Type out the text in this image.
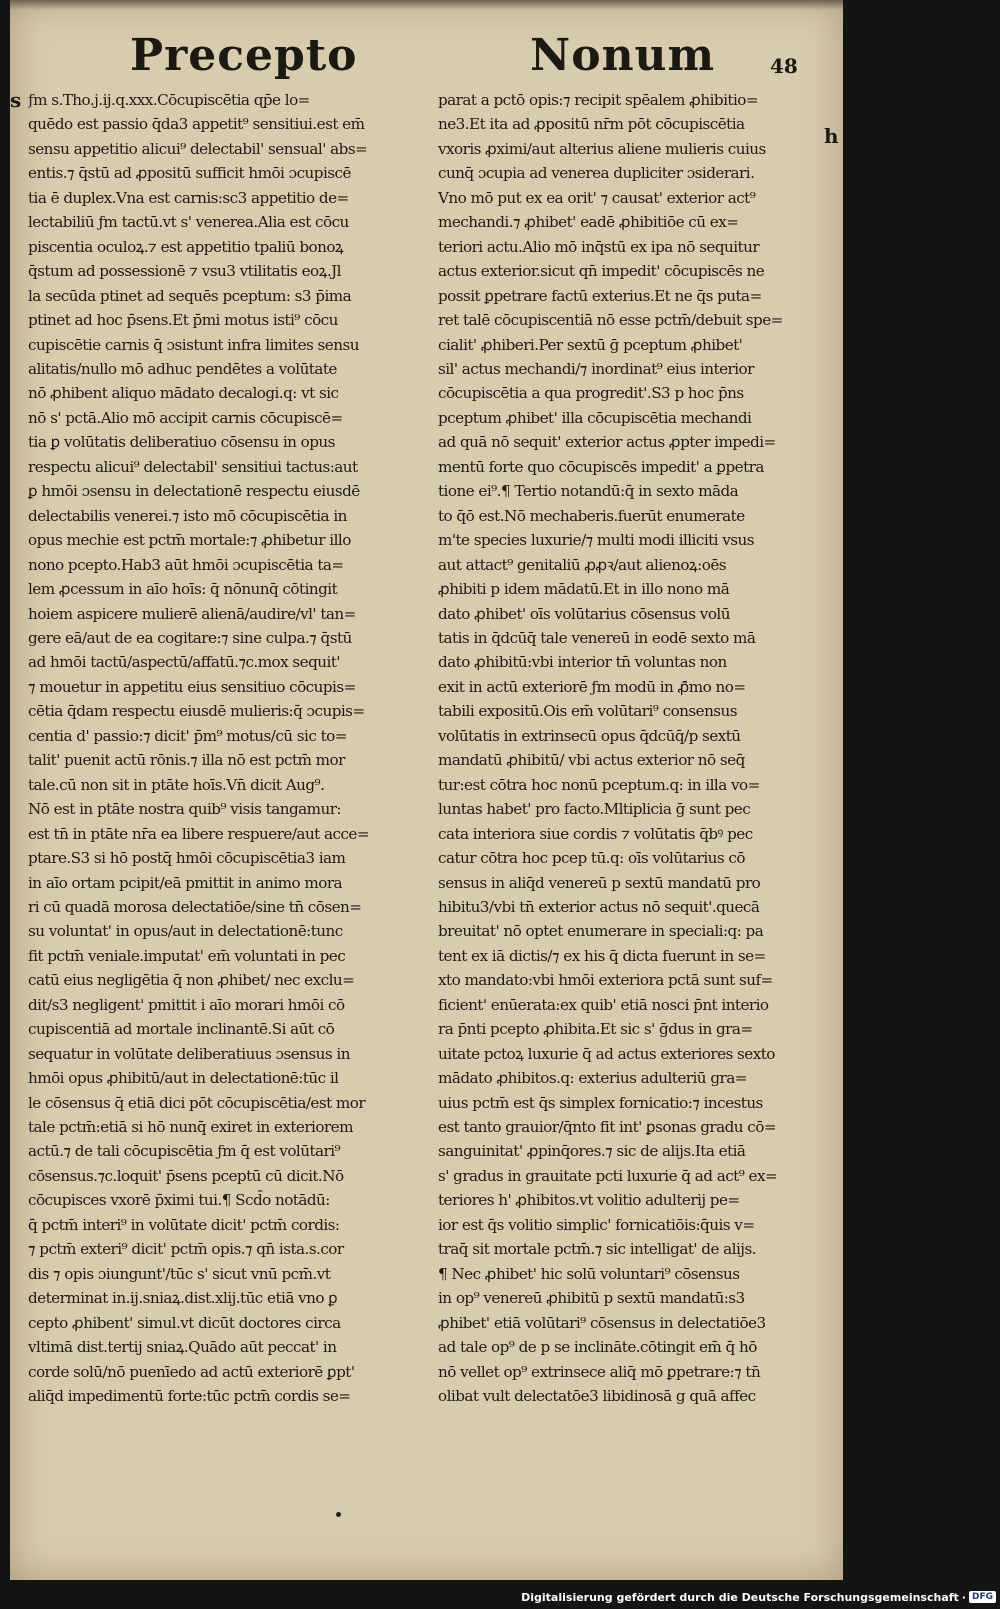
Precepto	Nonum	48
s
h
ƒm s.Tho.j.ij.q.xxx.Cōcupiscētia ɋp̄e lo=
quēdo est passio q̄da3 appetit⁹ sensitiui.est em̄
sensu appetitio alicui⁹ delectabil' sensual' abs=
entis.⁊ q̄stū ad ꝓpositū sufficit hmōi ɔcupiscē
tia ē duplex.Vna est carnis:sc3 appetitio de=
lectabiliū ƒm tactū.vt s' venerea.Alia est cōcu
piscentia oculoꝝ.⁊ est appetitio tpaliū bonoꝝ
q̄stum ad possessionē ⁊ vsu3 vtilitatis eoꝝ.Jl
la secūda ptinet ad sequēs pceptum: s3 p̄ima
ptinet ad hoc p̄sens.Et p̄mi motus isti⁹ cōcu
cupiscētie carnis q̄ ɔsistunt infra limites sensu
alitatis/nullo mō adhuc pendētes a volūtate
nō ꝓhibent aliquo mādato decalogi.q: vt sic
nō s' pctā.Alio mō accipit carnis cōcupiscē=
tia ꝑ volūtatis deliberatiuo cōsensu in opus
respectu alicui⁹ delectabil' sensitiui tactus:aut
ꝑ hmōi ɔsensu in delectationē respectu eiusdē
delectabilis venerei.⁊ isto mō cōcupiscētia in
opus mechie est pctm̄ mortale:⁊ ꝓhibetur illo
nono pcepto.Hab3 aūt hmōi ɔcupiscētia ta=
lem ꝓcessum in aīo hoīs: q̄ nōnunq̄ cōtingit
hoiem aspicere mulierē alienā/audire/vl' tan=
gere eā/aut de ea cogitare:⁊ sine culpa.⁊ q̄stū
ad hmōi tactū/aspectū/affatū.⁊c.mox sequit'
⁊ mouetur in appetitu eius sensitiuo cōcupis=
cētia q̄dam respectu eiusdē mulieris:q̄ ɔcupis=
centia d' passio:⁊ dicit' p̄m⁹ motus/cū sic to=
talit' puenit actū rōnis.⁊ illa nō est pctm̄ mor
tale.cū non sit in ptāte hoīs.Vn̄ dicit Aug⁹.
Nō est in ptāte nostra quib⁹ visis tangamur:
est tn̄ in ptāte nr̄a ea libere respuere/aut acce=
ptare.S3 si hō postq̄ hmōi cōcupiscētia3 iam
in aīo ortam pcipit/eā pmittit in animo mora
ri cū quadā morosa delectatiōe/sine tn̄ cōsen=
su voluntat' in opus/aut in delectationē:tunc
fit pctm̄ veniale.imputat' em̄ voluntati in pec
catū eius negligētia q̄ non ꝓhibet/ nec exclu=
dit/s3 negligent' pmittit i aīo morari hmōi cō
cupiscentiā ad mortale inclinantē.Si aūt cō
sequatur in volūtate deliberatiuus ɔsensus in
hmōi opus ꝓhibitū/aut in delectationē:tūc il
le cōsensus q̄ etiā dici pōt cōcupiscētia/est mor
tale pctm̄:etiā si hō nunq̄ exiret in exteriorem
actū.⁊ de tali cōcupiscētia ƒm q̄ est volūtari⁹
cōsensus.⁊c.loquit' p̄sens pceptū cū dicit.Nō
cōcupisces vxorē p̄ximi tui.¶ Scd̄o notādū:
q̄ pctm̄ interi⁹ in volūtate dicit' pctm̄ cordis:
⁊ pctm̄ exteri⁹ dicit' pctm̄ opis.⁊ qn̄ ista.s.cor
dis ⁊ opis ɔiungunt'/tūc s' sicut vnū pcm̄.vt
determinat in.ij.sniaꝝ.dist.xlij.tūc etiā vno ꝑ
cepto ꝓhibent' simul.vt dicūt doctores circa
vltimā dist.tertij sniaꝝ.Quādo aūt peccat' in
corde solū/nō puenīedo ad actū exteriorē ꝑpt'
aliq̄d impedimentū forte:tūc pctm̄ cordis se=
parat a pctō opis:⁊ recipit spēalem ꝓhibitio=
ne3.Et ita ad ꝓpositū nr̄m pōt cōcupiscētia
vxoris ꝓximi/aut alterius aliene mulieris cuius
cunq̄ ɔcupia ad venerea dupliciter ɔsiderari.
Vno mō put ex ea orit' ⁊ causat' exterior act⁹
mechandi.⁊ ꝓhibet' eadē ꝓhibitiōe cū ex=
teriori actu.Alio mō inq̄stū ex ipa nō sequitur
actus exterior.sicut qn̄ impedit' cōcupiscēs ne
possit ꝑpetrare factū exterius.Et ne q̄s puta=
ret talē cōcupiscentiā nō esse pctm̄/debuit spe=
cialit' ꝓhiberi.Per sextū ḡ pceptum ꝓhibet'
sil' actus mechandi/⁊ inordinat⁹ eius interior
cōcupiscētia a qua progredit'.S3 p hoc p̄ns
pceptum ꝓhibet' illa cōcupiscētia mechandi
ad quā nō sequit' exterior actus ꝓpter impedi=
mentū forte quo cōcupiscēs impedit' a ꝑpetra
tione ei⁹.¶ Tertio notandū:q̄ in sexto māda
to q̄ō est.Nō mechaberis.fuerūt enumerate
m'te species luxurie/⁊ multi modi illiciti vsus
aut attact⁹ genitaliū ꝓꝓꝛ/aut alienoꝝ:oēs
ꝓhibiti p idem mādatū.Et in illo nono mā
dato ꝓhibet' oīs volūtarius cōsensus volū
tatis in q̄dcūq̄ tale venereū in eodē sexto mā
dato ꝓhibitū:vbi interior tn̄ voluntas non
exit in actū exteriorē ƒm modū in ꝓ̄mo no=
tabili expositū.Ois em̄ volūtari⁹ consensus
volūtatis in extrinsecū opus q̄dcūq̄/p sextū
mandatū ꝓhibitū/ vbi actus exterior nō seq̄
tur:est cōtra hoc nonū pceptum.q: in illa vo=
luntas habet' pro facto.Mltiplicia ḡ sunt pec
cata interiora siue cordis ⁊ volūtatis q̄bꝰ pec
catur cōtra hoc pcep tū.q: oīs volūtarius cō
sensus in aliq̄d venereū p sextū mandatū pro
hibitu3/vbi tn̄ exterior actus nō sequit'.quecā
breuitat' nō optet enumerare in speciali:q: pa
tent ex iā dictis/⁊ ex his q̄ dicta fuerunt in se=
xto mandato:vbi hmōi exteriora pctā sunt suf=
ficient' enūerata:ex quib' etiā nosci p̄nt interio
ra p̄nti pcepto ꝓhibita.Et sic s' ḡdus in gra=
uitate pctoꝝ luxurie q̄ ad actus exteriores sexto
mādato ꝓhibitos.q: exterius adulteriū gra=
uius pctm̄ est q̄s simplex fornicatio:⁊ incestus
est tanto grauior/q̄nto fit int' ꝑsonas gradu cō=
sanguinitat' ꝓpinq̄ores.⁊ sic de alijs.Ita etiā
s' gradus in grauitate pcti luxurie q̄ ad act⁹ ex=
teriores h' ꝓhibitos.vt volitio adulterij pe=
ior est q̄s volitio simplic' fornicatiōis:q̄uis v=
traq̄ sit mortale pctm̄.⁊ sic intelligat' de alijs.
¶ Nec ꝓhibet' hic solū voluntari⁹ cōsensus
in op⁹ venereū ꝓhibitū p sextū mandatū:s3
ꝓhibet' etiā volūtari⁹ cōsensus in delectatiōe3
ad tale op⁹ de p se inclināte.cōtingit em̄ q̄ hō
nō vellet op⁹ extrinsece aliq̄ mō ꝑpetrare:⁊ tn̄
olibat vult delectatōe3 libidinosā g quā affec
Digitalisierung gefördert durch die Deutsche Forschungsgemeinschaft · DFG
